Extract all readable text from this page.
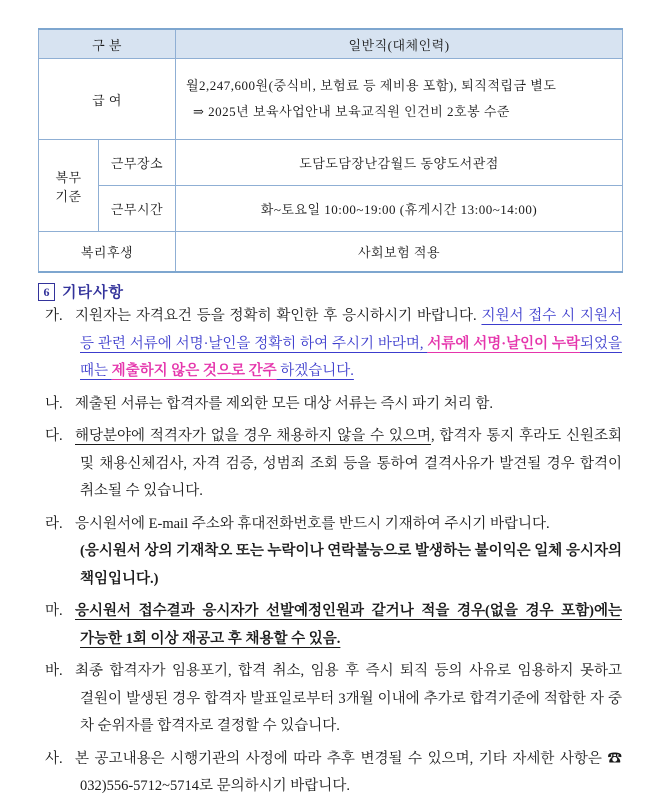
구 분		일반직(대체인력)
급 여		월2,247,600원(중식비, 보험료 등 제비용 포함), 퇴직적립금 별도
⇒ 2025년 보육사업안내 보육교직원 인건비 2호봉 수준

복무
기준	근무장소	도담도담장난감월드 동양도서관점
	근무시간	화~토요일 10:00~19:00 (휴게시간 13:00~14:00)
복리후생		사회보험 적용
6 기타사항
가. 지원자는 자격요건 등을 정확히 확인한 후 응시하시기 바랍니다. 지원서 접수 시 지원서 등 관련 서류에 서명·날인을 정확히 하여 주시기 바라며, 서류에 서명·날인이 누락되었을 때는 제출하지 않은 것으로 간주 하겠습니다.
나. 제출된 서류는 합격자를 제외한 모든 대상 서류는 즉시 파기 처리 함.
다. 해당분야에 적격자가 없을 경우 채용하지 않을 수 있으며, 합격자 통지 후라도 신원조회 및 채용신체검사, 자격 검증, 성범죄 조회 등을 통하여 결격사유가 발견될 경우 합격이 취소될 수 있습니다.
라. 응시원서에 E-mail 주소와 휴대전화번호를 반드시 기재하여 주시기 바랍니다.
(응시원서 상의 기재착오 또는 누락이나 연락불능으로 발생하는 불이익은 일체 응시자의 책임입니다.)
마. 응시원서 접수결과 응시자가 선발예정인원과 같거나 적을 경우(없을 경우 포함)에는 가능한 1회 이상 재공고 후 채용할 수 있음.
바. 최종 합격자가 임용포기, 합격 취소, 임용 후 즉시 퇴직 등의 사유로 임용하지 못하고 결원이 발생된 경우 합격자 발표일로부터 3개월 이내에 추가로 합격기준에 적합한 자 중 차 순위자를 합격자로 결정할 수 있습니다.
사. 본 공고내용은 시행기관의 사정에 따라 추후 변경될 수 있으며, 기타 자세한 사항은 ☎ 032)556-5712~5714로 문의하시기 바랍니다.
